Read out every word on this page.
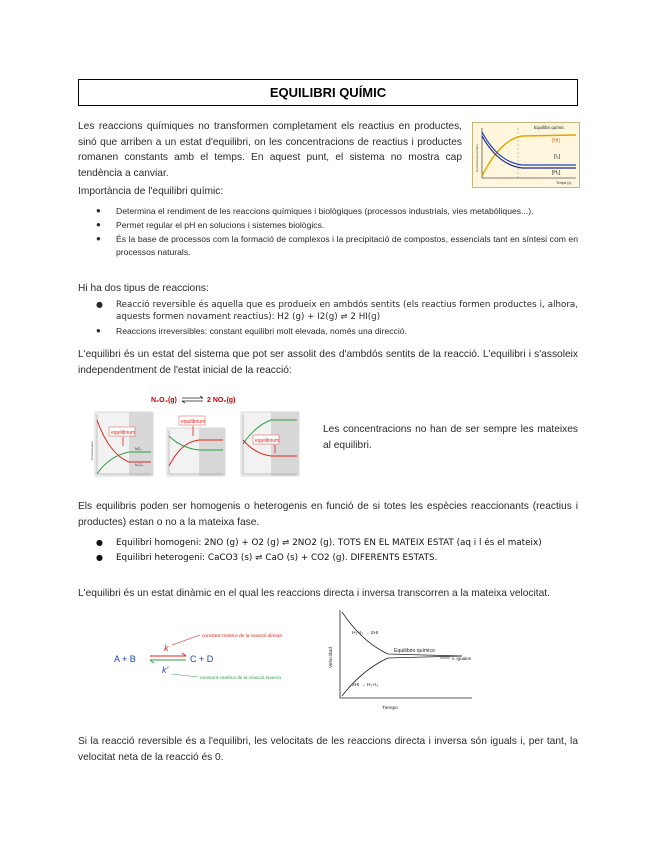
EQUILIBRI QUÍMIC

Les reaccions químiques no transformen completament els reactius en productes, sinó que arriben a un estat d'equilibri, on les concentracions de reactius i productes romanen constants amb el temps. En aquest punt, el sistema no mostra cap tendència a canviar.

Equilibri químic
[HI]
[I₂]
[H₂]
Temps (s)
Concentració (mol/L)

Importància de l'equilibri químic:

● Determina el rendiment de les reaccions químiques i biològiques (processos industrials, vies metabòliques...).
● Permet regular el pH en solucions i sistemes biològics.
● És la base de processos com la formació de complexos i la precipitació de compostos, essencials tant en síntesi com en processos naturals.

Hi ha dos tipus de reaccions:

● Reacció reversible és aquella que es produeix en ambdós sentits (els reactius formen productes i, alhora, aquests formen novament reactius): H2 (g) + I2(g) ⇌ 2 HI(g)
● Reaccions irreversibles: constant equilibri molt elevada, només una direcció.

L'equilibri és un estat del sistema que pot ser assolit des d'ambdós sentits de la reacció. L'equilibri i s'assoleix independentment de l'estat inicial de la reacció:

N₂O₄(g)	2 NO₂(g)
equilibrium
NO₂
N₂O₄
Concentration
equilibrium
equilibrium

Les concentracions no han de ser sempre les mateixes al equilibri.

Els equilibris poden ser homogenis o heterogenis en funció de si totes les espècies reaccionants (reactius i productes) estan o no a la mateixa fase.

● Equilibri homogeni: 2NO (g) + O2 (g) ⇌ 2NO2 (g). TOTS EN EL MATEIX ESTAT (aq i l és el mateix)
● Equilibri heterogeni: CaCO3 (s) ⇌ CaO (s) + CO2 (g). DIFERENTS ESTATS.

L'equilibri és un estat dinàmic en el qual les reaccions directa i inversa transcorren a la mateixa velocitat.

A + B	C + D
k
k'
constant cinètica de la reacció directa
constant cinètica de la reacció inversa
H₂+I₂ → 2HI
2HI → H₂+I₂
Equilibrio químico
v. iguales
Tiempo
Velocidad

Si la reacció reversible és a l'equilibri, les velocitats de les reaccions directa i inversa són iguals i, per tant, la velocitat neta de la reacció és 0.
